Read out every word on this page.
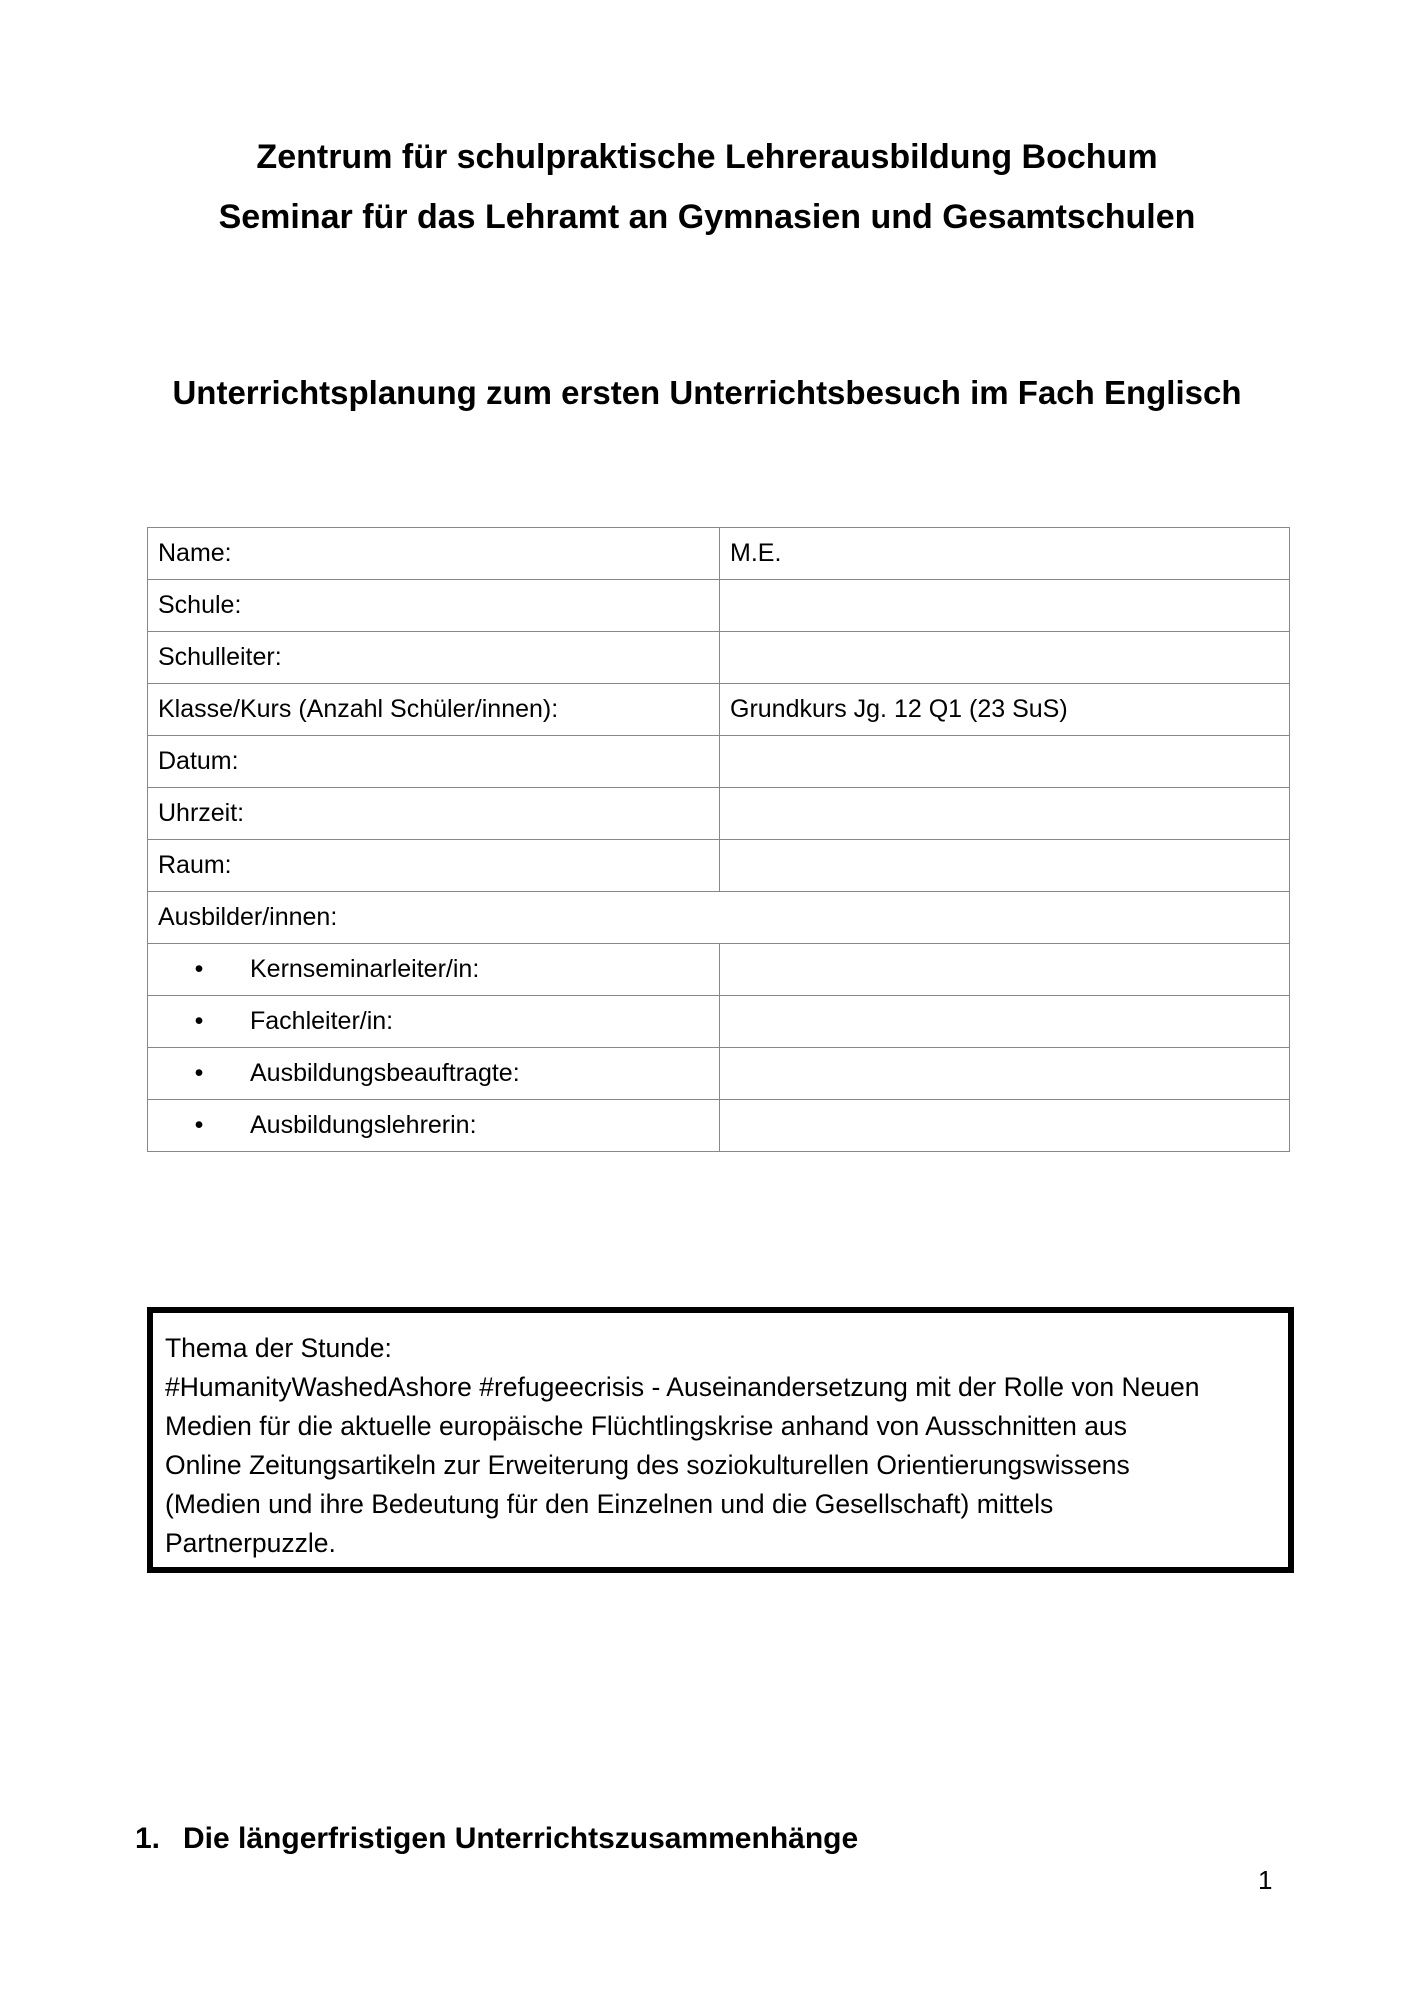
Zentrum für schulpraktische Lehrerausbildung Bochum
Seminar für das Lehramt an Gymnasien und Gesamtschulen
Unterrichtsplanung zum ersten Unterrichtsbesuch im Fach Englisch
Name:	M.E.
Schule:	
Schulleiter:	
Klasse/Kurs (Anzahl Schüler/innen):	Grundkurs Jg. 12 Q1 (23 SuS)
Datum:	
Uhrzeit:	
Raum:	
Ausbilder/innen:	
• Kernseminarleiter/in:	
• Fachleiter/in:	
• Ausbildungsbeauftragte:	
• Ausbildungslehrerin:	
Thema der Stunde:
#HumanityWashedAshore #refugeecrisis - Auseinandersetzung mit der Rolle von Neuen
Medien für die aktuelle europäische Flüchtlingskrise anhand von Ausschnitten aus
Online Zeitungsartikeln zur Erweiterung des soziokulturellen Orientierungswissens
(Medien und ihre Bedeutung für den Einzelnen und die Gesellschaft) mittels
Partnerpuzzle.
1. Die längerfristigen Unterrichtszusammenhänge
1
